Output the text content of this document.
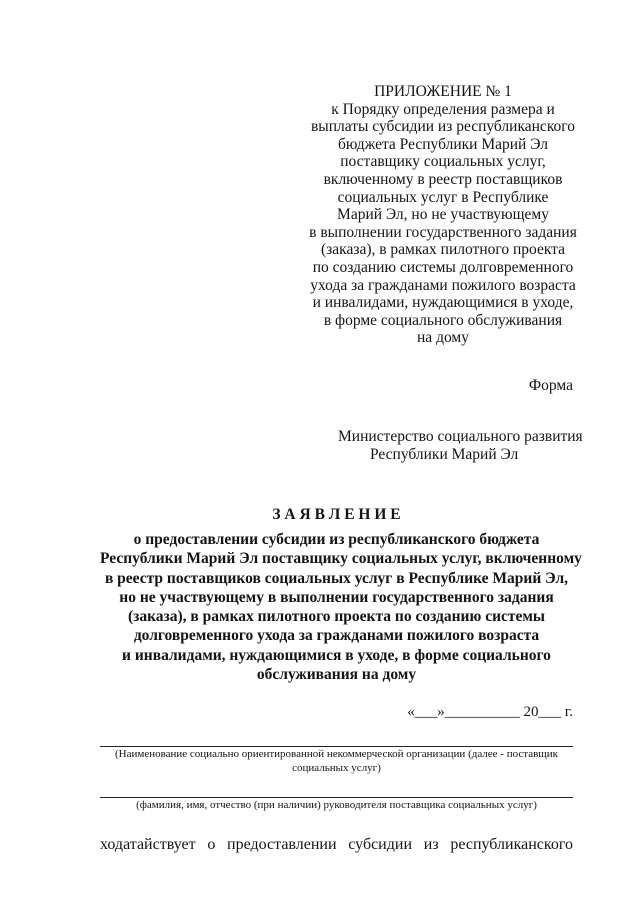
ПРИЛОЖЕНИЕ № 1
к Порядку определения размера и
выплаты субсидии из республиканского
бюджета Республики Марий Эл
поставщику социальных услуг,
включенному в реестр поставщиков
социальных услуг в Республике
Марий Эл, но не участвующему
в выполнении государственного задания
(заказа), в рамках пилотного проекта
по созданию системы долговременного
ухода за гражданами пожилого возраста
и инвалидами, нуждающимися в уходе,
в форме социального обслуживания
на дому
Форма
Министерство социального развития
Республики Марий Эл
З А Я В Л Е Н И Е
о предоставлении субсидии из республиканского бюджета
Республики Марий Эл поставщику социальных услуг, включенному
в реестр поставщиков социальных услуг в Республике Марий Эл,
но не участвующему в выполнении государственного задания
(заказа), в рамках пилотного проекта по созданию системы
долговременного ухода за гражданами пожилого возраста
и инвалидами, нуждающимися в уходе, в форме социального
обслуживания на дому
«___»__________ 20___ г.
(Наименование социально ориентированной некоммерческой организации (далее - поставщик
социальных услуг)
(фамилия, имя, отчество (при наличии) руководителя поставщика социальных услуг)
ходатайствует о предоставлении субсидии из республиканского
